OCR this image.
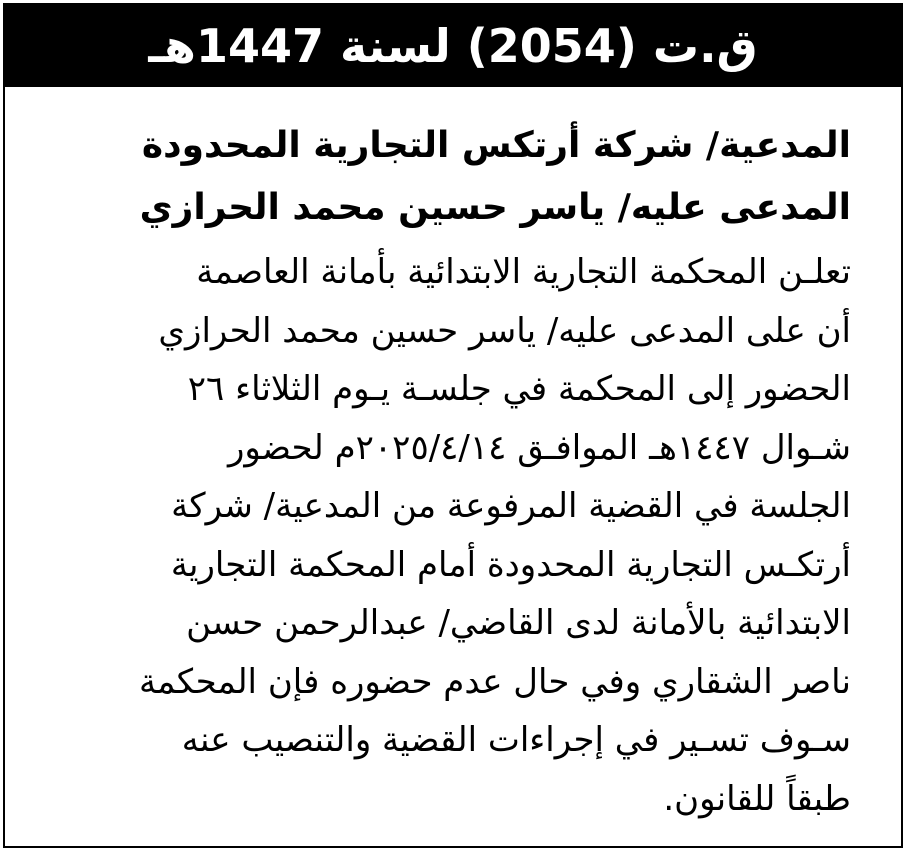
ق.ت (2054) لسنة 1447هـ

المدعية/ شركة أرتكس التجارية المحدودة

المدعى عليه/ ياسر حسين محمد الحرازي

تعلـن المحكمة التجارية الابتدائية بأمانة العاصمة

أن على المدعى عليه/ ياسر حسين محمد الحرازي

الحضور إلى المحكمة في جلسـة يـوم الثلاثاء ٢٦

شـوال ١٤٤٧هـ الموافـق ٢٠٢٥/٤/١٤م لحضور

الجلسة في القضية المرفوعة من المدعية/ شركة

أرتكـس التجارية المحدودة أمام المحكمة التجارية

الابتدائية بالأمانة لدى القاضي/ عبدالرحمن حسن

ناصر الشقاري وفي حال عدم حضوره فإن المحكمة

سـوف تسـير في إجراءات القضية والتنصيب عنه

طبقاً للقانون.
